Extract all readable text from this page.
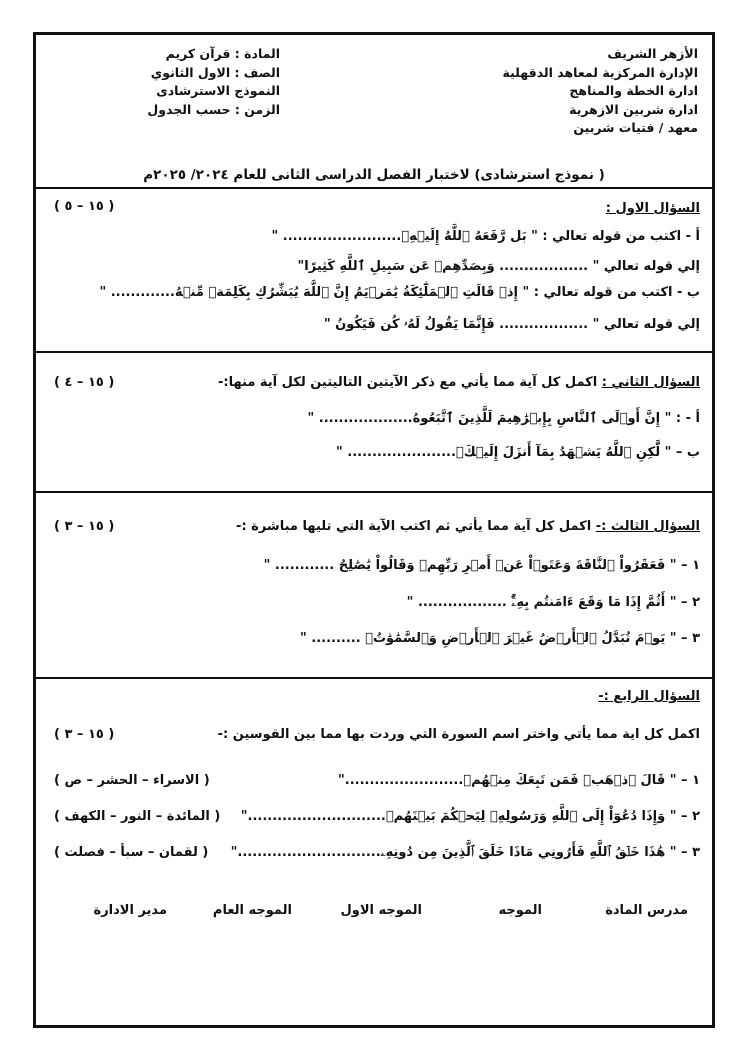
الأزهر الشريف
الإدارة المركزية لمعاهد الدقهلية
ادارة الخطة والمناهج
ادارة شربين الازهرية
معهد / فتيات شربين
المادة : قرآن كريم
الصف : الاول الثانوي
النموذج الاسترشادى
الزمن : حسب الجدول
( نموذج استرشادى) لاختبار الفصل الدراسى الثانى للعام ٢٠٢٤/ ٢٠٢٥م
السؤال الاول :
( ١٥ – ٥ )
أ - اكتب من قوله تعالي : " بَل رَّفَعَهُ ٱللَّهُ إِلَيۡهِۚ........................ "
إلي قوله تعالي " .................. وَبِصَدِّهِمۡ عَن سَبِيلِ ٱللَّهِ كَثِيرًا"
ب - اكتب من قوله تعالي : " إِذۡ قَالَتِ ٱلۡمَلَٰٓئِكَةُ يَٰمَرۡيَمُ إِنَّ ٱللَّهَ يُبَشِّرُكِ بِكَلِمَةٖ مِّنۡهُ............. "
إلي قوله تعالي " .................. فَإِنَّمَا يَقُولُ لَهُۥ كُن فَيَكُونُ "
السؤال الثاني : اكمل كل آية مما يأتي مع ذكر الآيتين التاليتين لكل آية منها:-
( ١٥ – ٤ )
أ - : " إِنَّ أَوۡلَى ٱلنَّاسِ بِإِبۡرَٰهِيمَ لَلَّذِينَ ٱتَّبَعُوهُ................... "
ب – " لَّٰكِنِ ٱللَّهُ يَشۡهَدُ بِمَآ أَنزَلَ إِلَيۡكَۖ...................... "
السؤال الثالث :- اكمل كل آية مما يأتي ثم اكتب الآية التي تليها مباشرة :-
( ١٥ – ٣ )
١ – " فَعَقَرُواْ ٱلنَّاقَةَ وَعَتَوۡاْ عَنۡ أَمۡرِ رَبِّهِمۡ وَقَالُواْ يَٰصَٰلِحُ ............ "
٢ – " أَثُمَّ إِذَا مَا وَقَعَ ءَامَنتُم بِهِۦٓۚ .................. "
٣ – " يَوۡمَ تُبَدَّلُ ٱلۡأَرۡضُ غَيۡرَ ٱلۡأَرۡضِ وَٱلسَّمَٰوَٰتُۖ .......... "
السؤال الرابع :-
اكمل كل اية مما يأتي واختر اسم السورة التي وردت بها مما بين القوسين :-
( ١٥ – ٣ )
١ – " قَالَ ٱذۡهَبۡ فَمَن تَبِعَكَ مِنۡهُمۡ........................"
( الاسراء – الحشر – ص )
٢ – " وَإِذَا دُعُوٓاْ إِلَى ٱللَّهِ وَرَسُولِهِۦ لِيَحۡكُمَ بَيۡنَهُمۡ............................"
( المائدة – النور – الكهف )
٣ – " هَٰذَا خَلۡقُ ٱللَّهِ فَأَرُونِي مَاذَا خَلَقَ ٱلَّذِينَ مِن دُونِهِۦ............................."
( لقمان – سبأ – فصلت )
مدرس المادة
الموجه
الموجه الاول
الموجه العام
مدير الادارة
